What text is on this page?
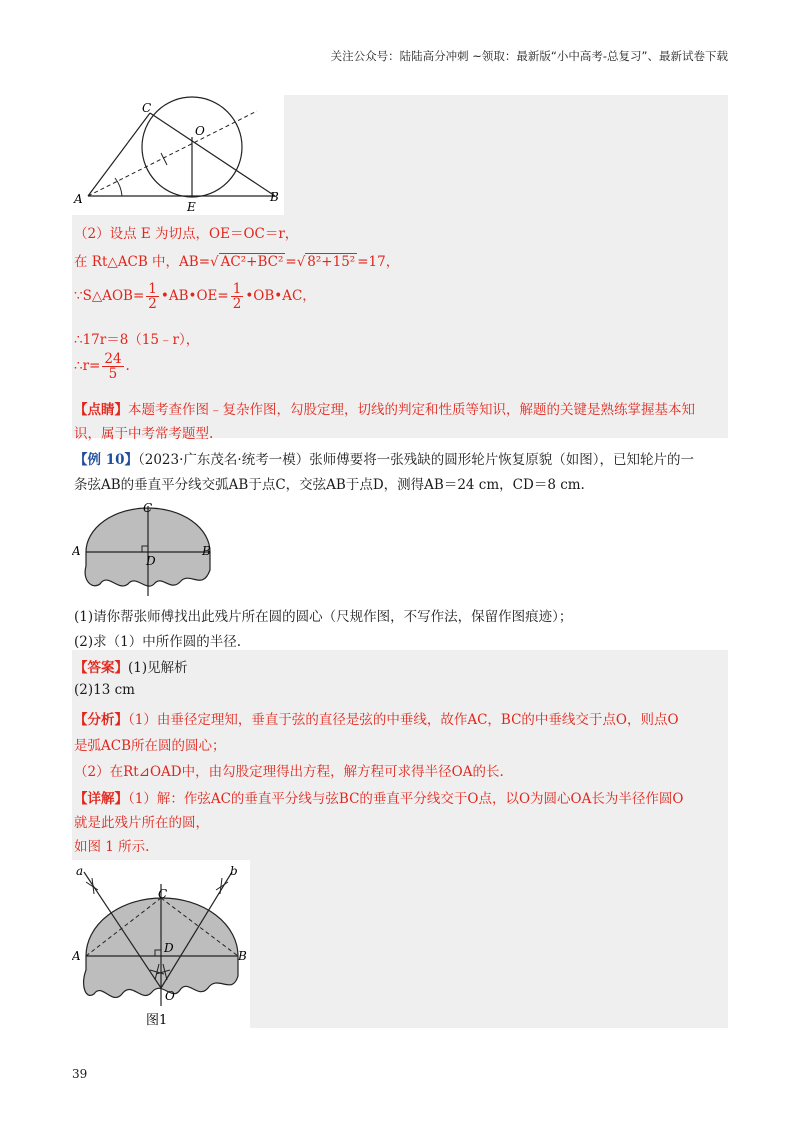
关注公众号：陆陆高分冲刺 ~领取：最新版“小中高考-总复习”、最新试卷下载
C
O
A
E
B
（2）设点 E 为切点，OE＝OC＝r，
在 Rt△ACB 中，AB=√ AC²+BC² =√ 8²+15² =17，
∵S△AOB= $\frac{1}{2}$ •AB•OE= $\frac{1}{2}$ •OB•AC，
∴17r＝8（15﹣r），
∴r= $\frac{24}{5}$ .
【点睛】本题考查作图﹣复杂作图，勾股定理，切线的判定和性质等知识，解题的关键是熟练掌握基本知
识，属于中考常考题型.
【例 10】（2023·广东茂名·统考一模）张师傅要将一张残缺的圆形轮片恢复原貌（如图），已知轮片的一
条弦AB的垂直平分线交弧AB于点C，交弦AB于点D，测得AB＝24 cm，CD＝8 cm.
C
A	B
D
(1)请你帮张师傅找出此残片所在圆的圆心（尺规作图，不写作法，保留作图痕迹）；
(2)求（1）中所作圆的半径.
【答案】(1)见解析
(2)13 cm
【分析】（1）由垂径定理知，垂直于弦的直径是弦的中垂线，故作AC，BC的中垂线交于点O，则点O
是弧ACB所在圆的圆心；
（2）在Rt⊿OAD中，由勾股定理得出方程，解方程可求得半径OA的长.
【详解】（1）解：作弦AC的垂直平分线与弦BC的垂直平分线交于O点，以O为圆心OA长为半径作圆O
就是此残片所在的圆，
如图 1 所示.
a	b
C
A	B
D
O
图1
39
